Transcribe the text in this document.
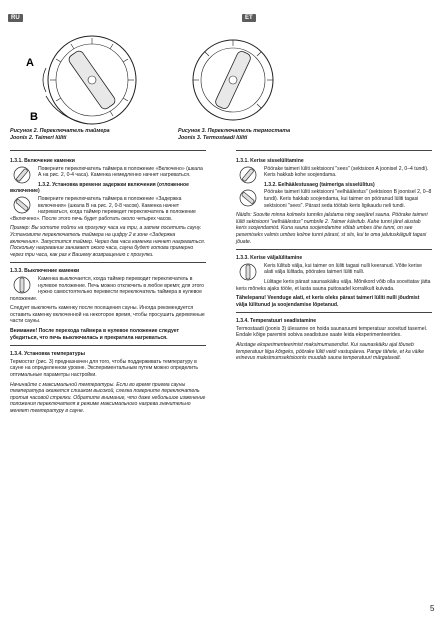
RU	ET
A
B
Рисунок 2. Переключатель таймера
Joonis 2. Taimeri lüliti
Рисунок 3. Переключатель термостата
Joonis 3. Termostaadi lüliti

1.3.1. Включение каменки

Поверните переключатель таймера в положение «Включено» (шкала А на рис. 2, 0-4 часа). Каменка немедленно начнет нагреваться.

1.3.2. Установка времени задержки включения (отложенное включение)

Поверните переключатель таймера в положение «Задержка включения» (шкала В на рис. 2, 0-8 часов). Каменка начнет нагреваться, когда таймер переведет переключатель в положение «Включено». После этого печь будет работать около четырех часов.

Пример: Вы хотите пойти на прогулку часа на три, а затем посетить сауну. Установите переключатель таймера на цифру 2 в зоне «Задержка включения». Запустится таймер. Через два часа каменка начнет нагреваться. Поскольку нагревание занимает около часа, сауна будет готова примерно через три часа, как раз к Вашему возвращению с прогулки.

1.3.3. Выключение каменки

Каменка выключается, когда таймер переводит переключатель в нулевое положение. Печь можно отключить в любое время; для этого нужно самостоятельно перевести переключатель таймера в нулевое положение.

Следует выключить каменку после посещения сауны. Иногда рекомендуется оставить каменку включенной на некоторое время, чтобы просушить деревянные части сауны.

Внимание! После перехода таймера в нулевое положение следует убедиться, что печь выключилась и прекратила нагреваться.

1.3.4. Установка температуры

Термостат (рис. 3) предназначен для того, чтобы поддерживать температуру в сауне на определенном уровне. Экспериментальным путем можно определить оптимальные параметры настройки.

Начинайте с максимальной температуры. Если во время приема сауны температура окажется слишком высокой, слегка поверните переключатель против часовой стрелки. Обратите внимание, что даже небольшое изменение положения переключателя в режиме максимального нагрева значительно меняет температуру в сауне.

1.3.1. Kerise sisselülitamine

Pöörake taimeri lüliti sektsiooni "sees" (sektsioon A joonisel 2, 0–4 tundi). Keris hakkab kohe soojendama.

1.3.2. Eelhäälestusaeg (taimeriga sisselülitus)

Pöörake taimeri lüliti sektsiooni "eelhäälestus" (sektsioon B joonisel 2, 0–8 tundi). Keris hakkab soojendama, kui taimer on pööranud lüliti tagasi sektsiooni "sees". Pärast seda töötab keris ligikaudu neli tundi.

Näidis: Soovite minna kolmeks tunniks jalutama ning seejärel sauna. Pöörake taimeri lüliti sektsiooni "eelhäälestus" numbrile 2. Taimer käivitub. Kahe tunni järel alustab keris soojendamist. Kuna sauna soojendamine võtab umbes ühe tunni, on see pesemiseks valmis umbes kolme tunni pärast, st siis, kui te oma jalutuskäigult tagasi jõuate.

1.3.3. Kerise väljalülitamine

Keris lülitub välja, kui taimer on lüliti tagasi nulli keeranud. Võite kerise alati välja lülitada, pöörates taimeri lüliti nulli.

Lülitage keris pärast saunaskäiku välja. Mõnikord võib olla soovitatav jätta keris mõneks ajaks tööle, et lasta sauna puitosadel korralikult kuivada.

Tähelepanu! Veenduge alati, et keris oleks pärast taimeri lüliti nulli jõudmist välja lülitunud ja soojendamise lõpetanud.

1.3.4. Temperatuuri seadistamine

Termostaadi (joonis 3) ülesanne on hoida saunaruumi temperatuur soovitud tasemel. Endale kõige paremini sobiva seadistuse saate leida eksperimenteerides.

Alustage eksperimenteerimist maksimumasendist. Kui saunaskäiku ajal tõuseb temperatuur liiga kõrgeks, pöörake lüliti veidi vastupäeva. Pange tähele, et ka väike erinevus maksimumsektsioonis muudab sauna temperatuuri märgatavalt.

5
